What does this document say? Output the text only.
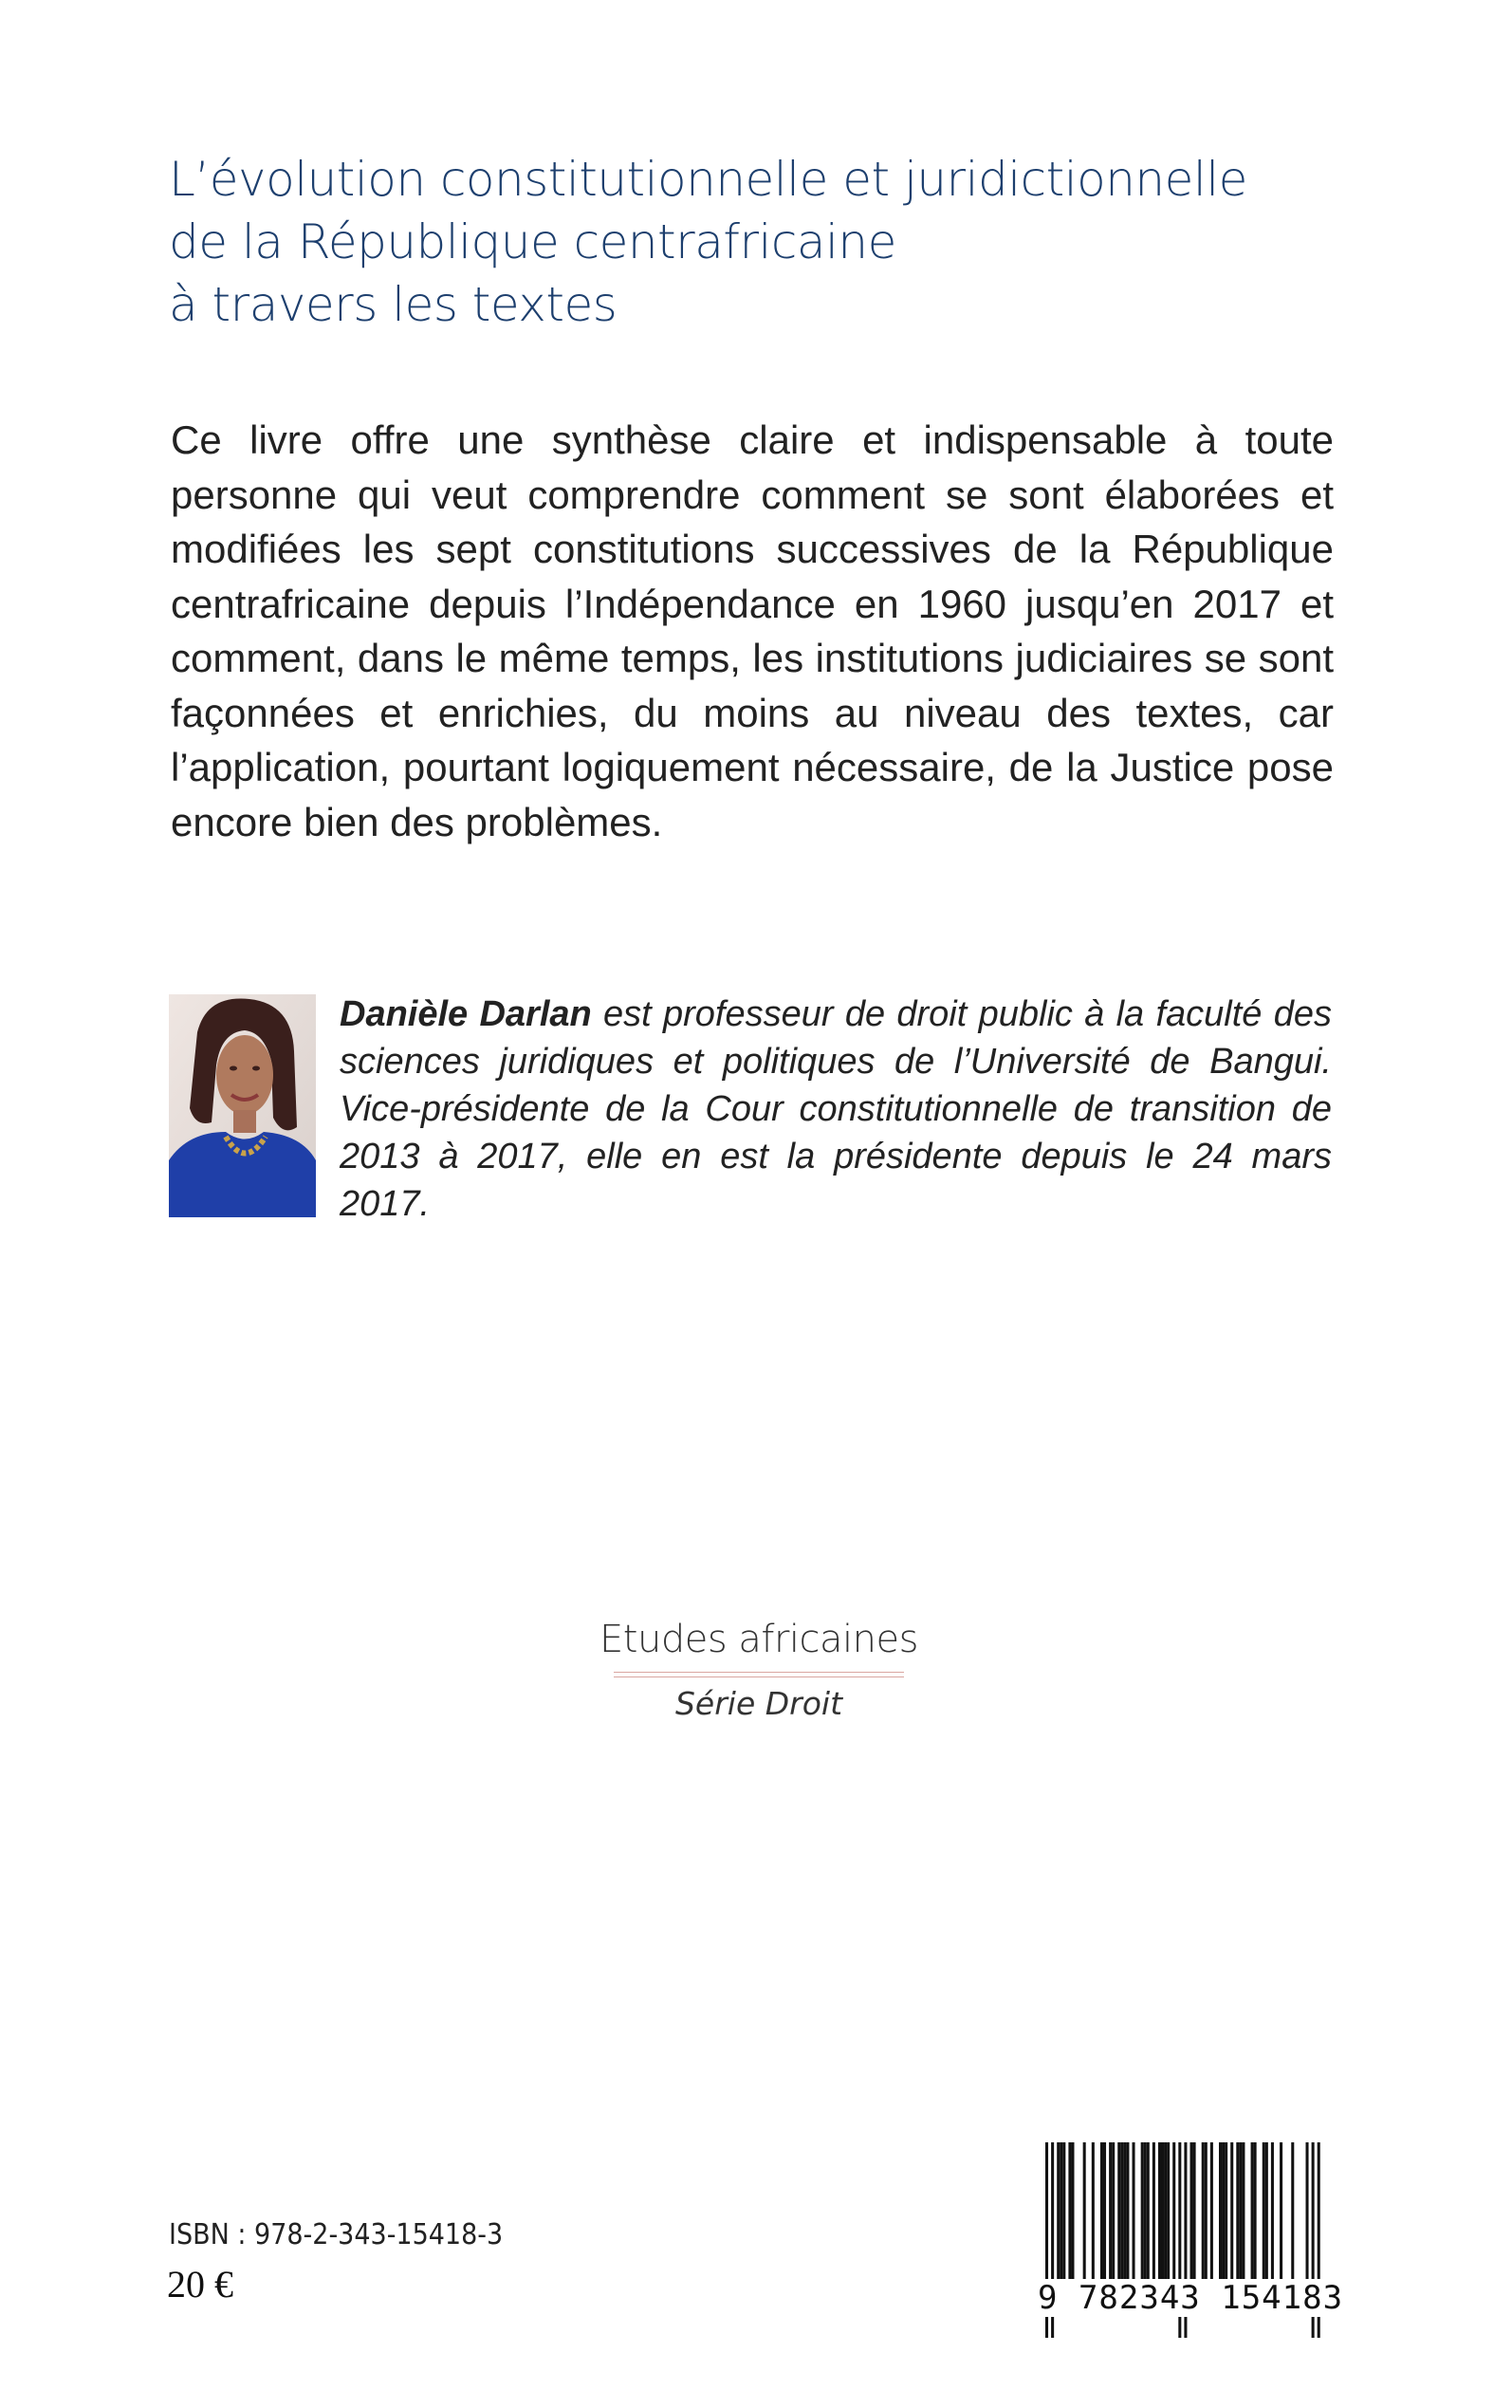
L’évolution constitutionnelle et juridictionnelle
de la République centrafricaine
à travers les textes
Ce livre offre une synthèse claire et indispensable à toute personne qui veut comprendre comment se sont élaborées et modifiées les sept constitutions successives de la République centrafricaine depuis l’Indépendance en 1960 jusqu’en 2017 et comment, dans le même temps, les institutions judiciaires se sont façonnées et enrichies, du moins au niveau des textes, car l’application, pourtant logiquement nécessaire, de la Justice pose encore bien des problèmes.
Danièle Darlan est professeur de droit public à la faculté des sciences juridiques et politiques de l’Université de Bangui. Vice-présidente de la Cour constitutionnelle de transition de 2013 à 2017, elle en est la présidente depuis le 24 mars 2017.
Etudes africaines
Série Droit
ISBN : 978-2-343-15418-3
20 €	9 782343 154183
